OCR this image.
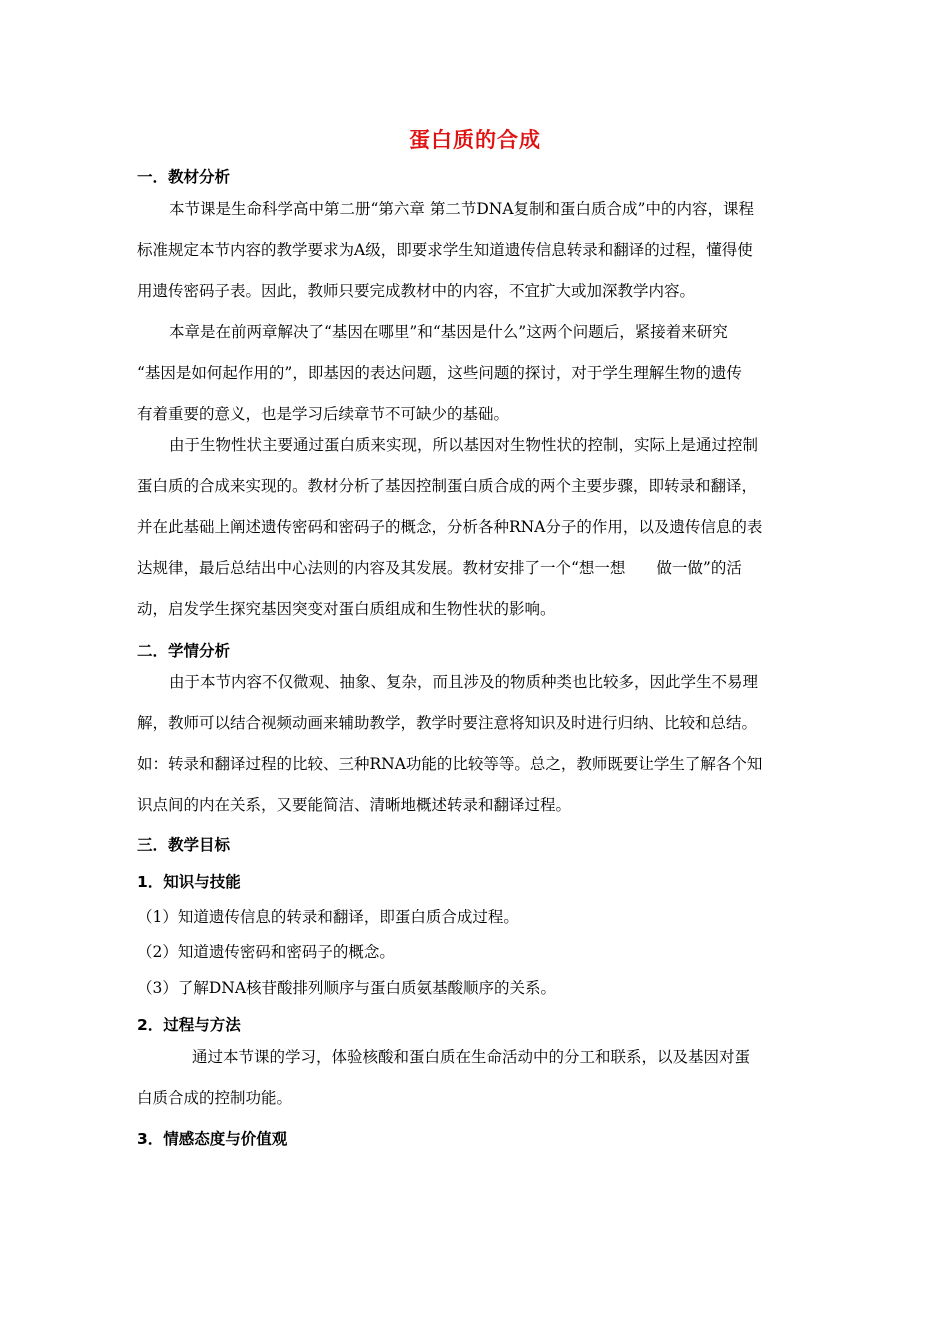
蛋白质的合成
一．教材分析

本节课是生命科学高中第二册“第六章 第二节DNA复制和蛋白质合成”中的内容，课程
标准规定本节内容的教学要求为A级，即要求学生知道遗传信息转录和翻译的过程，懂得使
用遗传密码子表。因此，教师只要完成教材中的内容，不宜扩大或加深教学内容。

本章是在前两章解决了“基因在哪里”和“基因是什么”这两个问题后，紧接着来研究
“基因是如何起作用的”，即基因的表达问题，这些问题的探讨，对于学生理解生物的遗传
有着重要的意义，也是学习后续章节不可缺少的基础。

由于生物性状主要通过蛋白质来实现，所以基因对生物性状的控制，实际上是通过控制
蛋白质的合成来实现的。教材分析了基因控制蛋白质合成的两个主要步骤，即转录和翻译，
并在此基础上阐述遗传密码和密码子的概念，分析各种RNA分子的作用，以及遗传信息的表
达规律，最后总结出中心法则的内容及其发展。教材安排了一个“想一想　　做一做”的活
动，启发学生探究基因突变对蛋白质组成和生物性状的影响。

二．学情分析

由于本节内容不仅微观、抽象、复杂，而且涉及的物质种类也比较多，因此学生不易理
解，教师可以结合视频动画来辅助教学，教学时要注意将知识及时进行归纳、比较和总结。
如：转录和翻译过程的比较、三种RNA功能的比较等等。总之，教师既要让学生了解各个知
识点间的内在关系，又要能简洁、清晰地概述转录和翻译过程。

三．教学目标
1．知识与技能
（1）知道遗传信息的转录和翻译，即蛋白质合成过程。
（2）知道遗传密码和密码子的概念。
（3）了解DNA核苷酸排列顺序与蛋白质氨基酸顺序的关系。
2．过程与方法

通过本节课的学习，体验核酸和蛋白质在生命活动中的分工和联系，以及基因对蛋
白质合成的控制功能。

3．情感态度与价值观
